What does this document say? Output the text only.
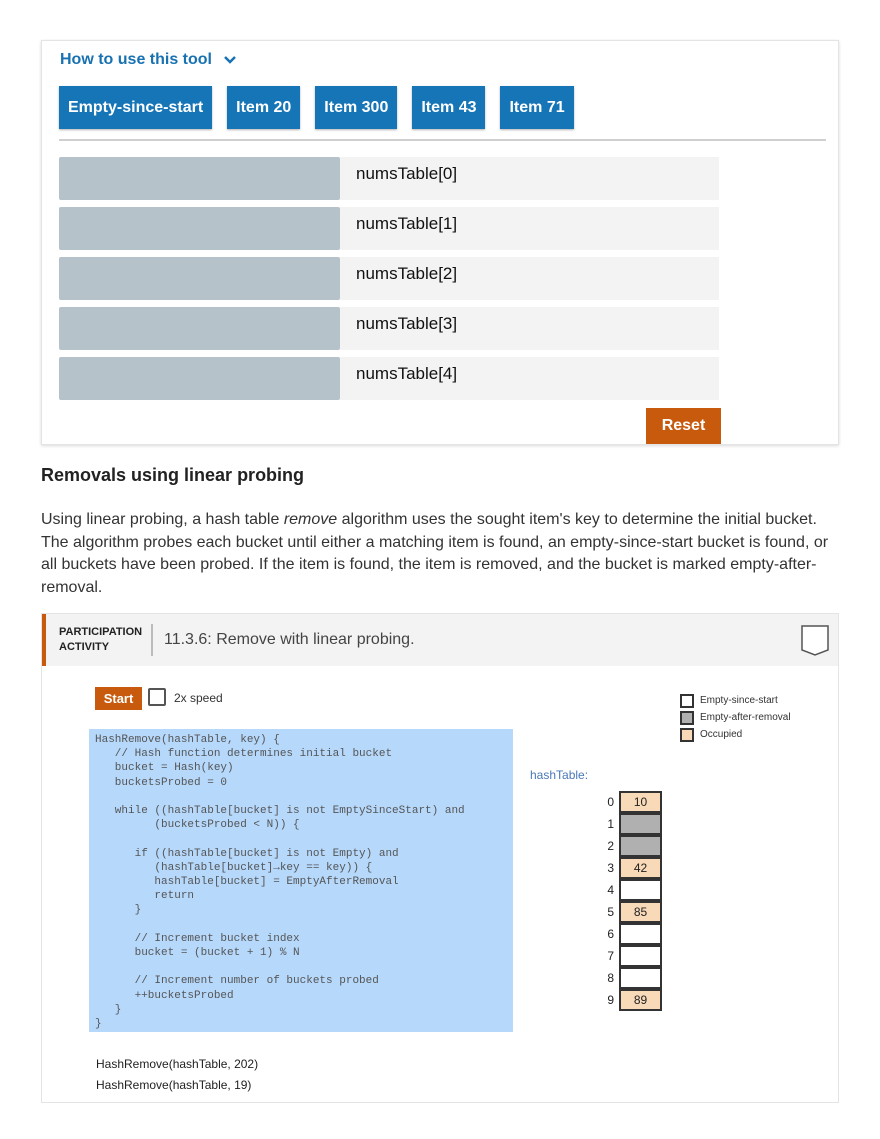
How to use this tool
Empty-since-start	Item 20	Item 300	Item 43	Item 71
numsTable[0]
numsTable[1]
numsTable[2]
numsTable[3]
numsTable[4]
Reset
Removals using linear probing

Using linear probing, a hash table remove algorithm uses the sought item's key to determine the initial bucket. The algorithm probes each bucket until either a matching item is found, an empty-since-start bucket is found, or all buckets have been probed. If the item is found, the item is removed, and the bucket is marked empty-after-removal.

PARTICIPATION
ACTIVITY	11.3.6: Remove with linear probing.
Start	2x speed	Empty-since-start
Empty-after-removal
Occupied
HashRemove(hashTable, key) {
// Hash function determines initial bucket
bucket = Hash(key)
bucketsProbed = 0

while ((hashTable[bucket] is not EmptySinceStart) and
(bucketsProbed < N)) {

if ((hashTable[bucket] is not Empty) and
(hashTable[bucket]→key == key)) {
hashTable[bucket] = EmptyAfterRemoval
return
}

// Increment bucket index
bucket = (bucket + 1) % N

// Increment number of buckets probed
++bucketsProbed
}
}
hashTable:
0	10
1
2
3	42
4
5	85
6
7
8
9	89
HashRemove(hashTable, 202)
HashRemove(hashTable, 19)
